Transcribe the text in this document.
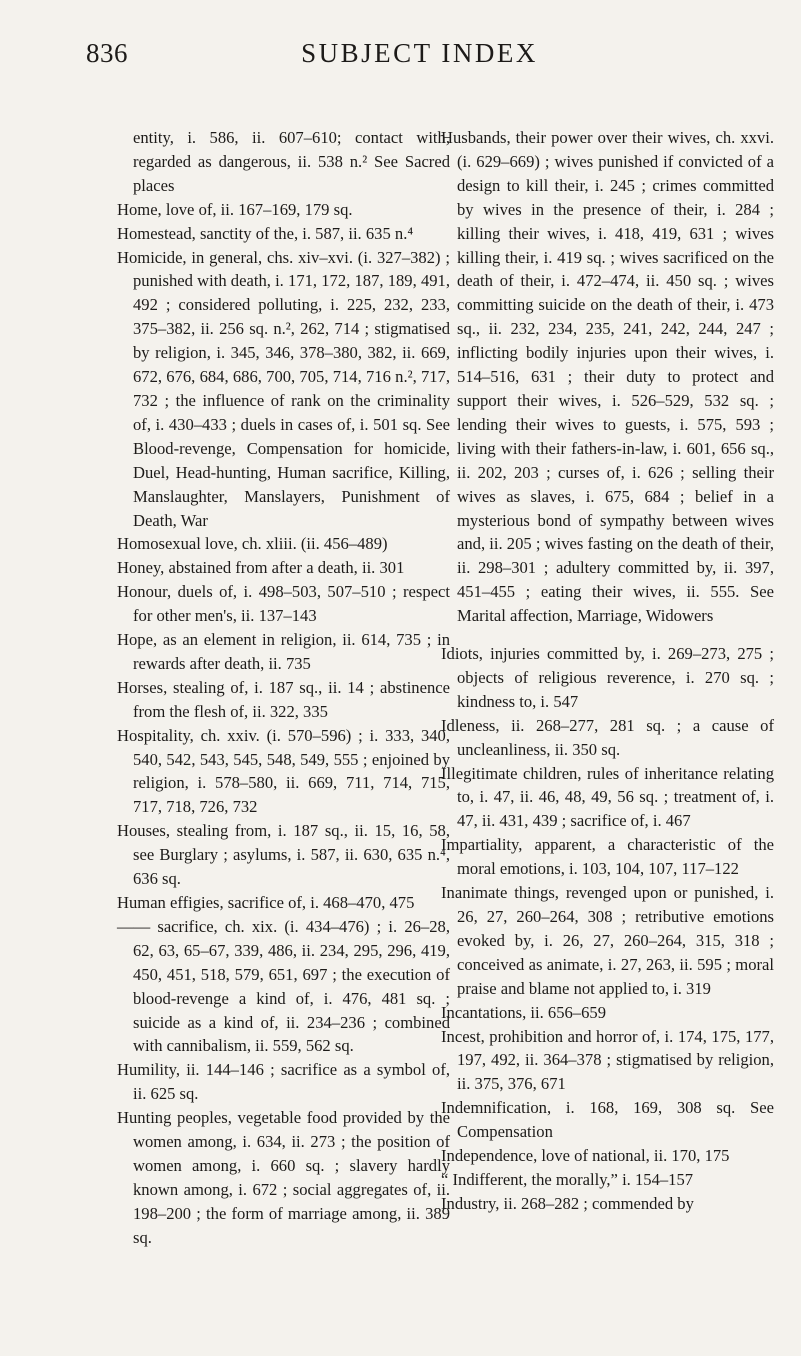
836	SUBJECT INDEX

entity, i. 586, ii. 607–610; contact with, regarded as dangerous, ii. 538 n.² See Sacred places

Home, love of, ii. 167–169, 179 sq.

Homestead, sanctity of the, i. 587, ii. 635 n.⁴

Homicide, in general, chs. xiv–xvi. (i. 327–382) ; punished with death, i. 171, 172, 187, 189, 491, 492 ; considered polluting, i. 225, 232, 233, 375–382, ii. 256 sq. n.², 262, 714 ; stigmatised by religion, i. 345, 346, 378–380, 382, ii. 669, 672, 676, 684, 686, 700, 705, 714, 716 n.², 717, 732 ; the influence of rank on the criminality of, i. 430–433 ; duels in cases of, i. 501 sq. See Blood-revenge, Compensation for homicide, Duel, Head-hunting, Human sacrifice, Killing, Manslaughter, Manslayers, Punishment of Death, War

Homosexual love, ch. xliii. (ii. 456–489)

Honey, abstained from after a death, ii. 301

Honour, duels of, i. 498–503, 507–510 ; respect for other men's, ii. 137–143

Hope, as an element in religion, ii. 614, 735 ; in rewards after death, ii. 735

Horses, stealing of, i. 187 sq., ii. 14 ; abstinence from the flesh of, ii. 322, 335

Hospitality, ch. xxiv. (i. 570–596) ; i. 333, 340, 540, 542, 543, 545, 548, 549, 555 ; enjoined by religion, i. 578–580, ii. 669, 711, 714, 715, 717, 718, 726, 732

Houses, stealing from, i. 187 sq., ii. 15, 16, 58, see Burglary ; asylums, i. 587, ii. 630, 635 n.⁴, 636 sq.

Human effigies, sacrifice of, i. 468–470, 475

—— sacrifice, ch. xix. (i. 434–476) ; i. 26–28, 62, 63, 65–67, 339, 486, ii. 234, 295, 296, 419, 450, 451, 518, 579, 651, 697 ; the execution of blood-revenge a kind of, i. 476, 481 sq. ; suicide as a kind of, ii. 234–236 ; combined with cannibalism, ii. 559, 562 sq.

Humility, ii. 144–146 ; sacrifice as a symbol of, ii. 625 sq.

Hunting peoples, vegetable food provided by the women among, i. 634, ii. 273 ; the position of women among, i. 660 sq. ; slavery hardly known among, i. 672 ; social aggregates of, ii. 198–200 ; the form of marriage among, ii. 389 sq.

Husbands, their power over their wives, ch. xxvi. (i. 629–669) ; wives punished if convicted of a design to kill their, i. 245 ; crimes committed by wives in the presence of their, i. 284 ; killing their wives, i. 418, 419, 631 ; wives killing their, i. 419 sq. ; wives sacrificed on the death of their, i. 472–474, ii. 450 sq. ; wives committing suicide on the death of their, i. 473 sq., ii. 232, 234, 235, 241, 242, 244, 247 ; inflicting bodily injuries upon their wives, i. 514–516, 631 ; their duty to protect and support their wives, i. 526–529, 532 sq. ; lending their wives to guests, i. 575, 593 ; living with their fathers-in-law, i. 601, 656 sq., ii. 202, 203 ; curses of, i. 626 ; selling their wives as slaves, i. 675, 684 ; belief in a mysterious bond of sympathy between wives and, ii. 205 ; wives fasting on the death of their, ii. 298–301 ; adultery committed by, ii. 397, 451–455 ; eating their wives, ii. 555. See Marital affection, Marriage, Widowers

Idiots, injuries committed by, i. 269–273, 275 ; objects of religious reverence, i. 270 sq. ; kindness to, i. 547

Idleness, ii. 268–277, 281 sq. ; a cause of uncleanliness, ii. 350 sq.

Illegitimate children, rules of inheritance relating to, i. 47, ii. 46, 48, 49, 56 sq. ; treatment of, i. 47, ii. 431, 439 ; sacrifice of, i. 467

Impartiality, apparent, a characteristic of the moral emotions, i. 103, 104, 107, 117–122

Inanimate things, revenged upon or punished, i. 26, 27, 260–264, 308 ; retributive emotions evoked by, i. 26, 27, 260–264, 315, 318 ; conceived as animate, i. 27, 263, ii. 595 ; moral praise and blame not applied to, i. 319

Incantations, ii. 656–659

Incest, prohibition and horror of, i. 174, 175, 177, 197, 492, ii. 364–378 ; stigmatised by religion, ii. 375, 376, 671

Indemnification, i. 168, 169, 308 sq. See Compensation

Independence, love of national, ii. 170, 175

“ Indifferent, the morally,” i. 154–157

Industry, ii. 268–282 ; commended by
